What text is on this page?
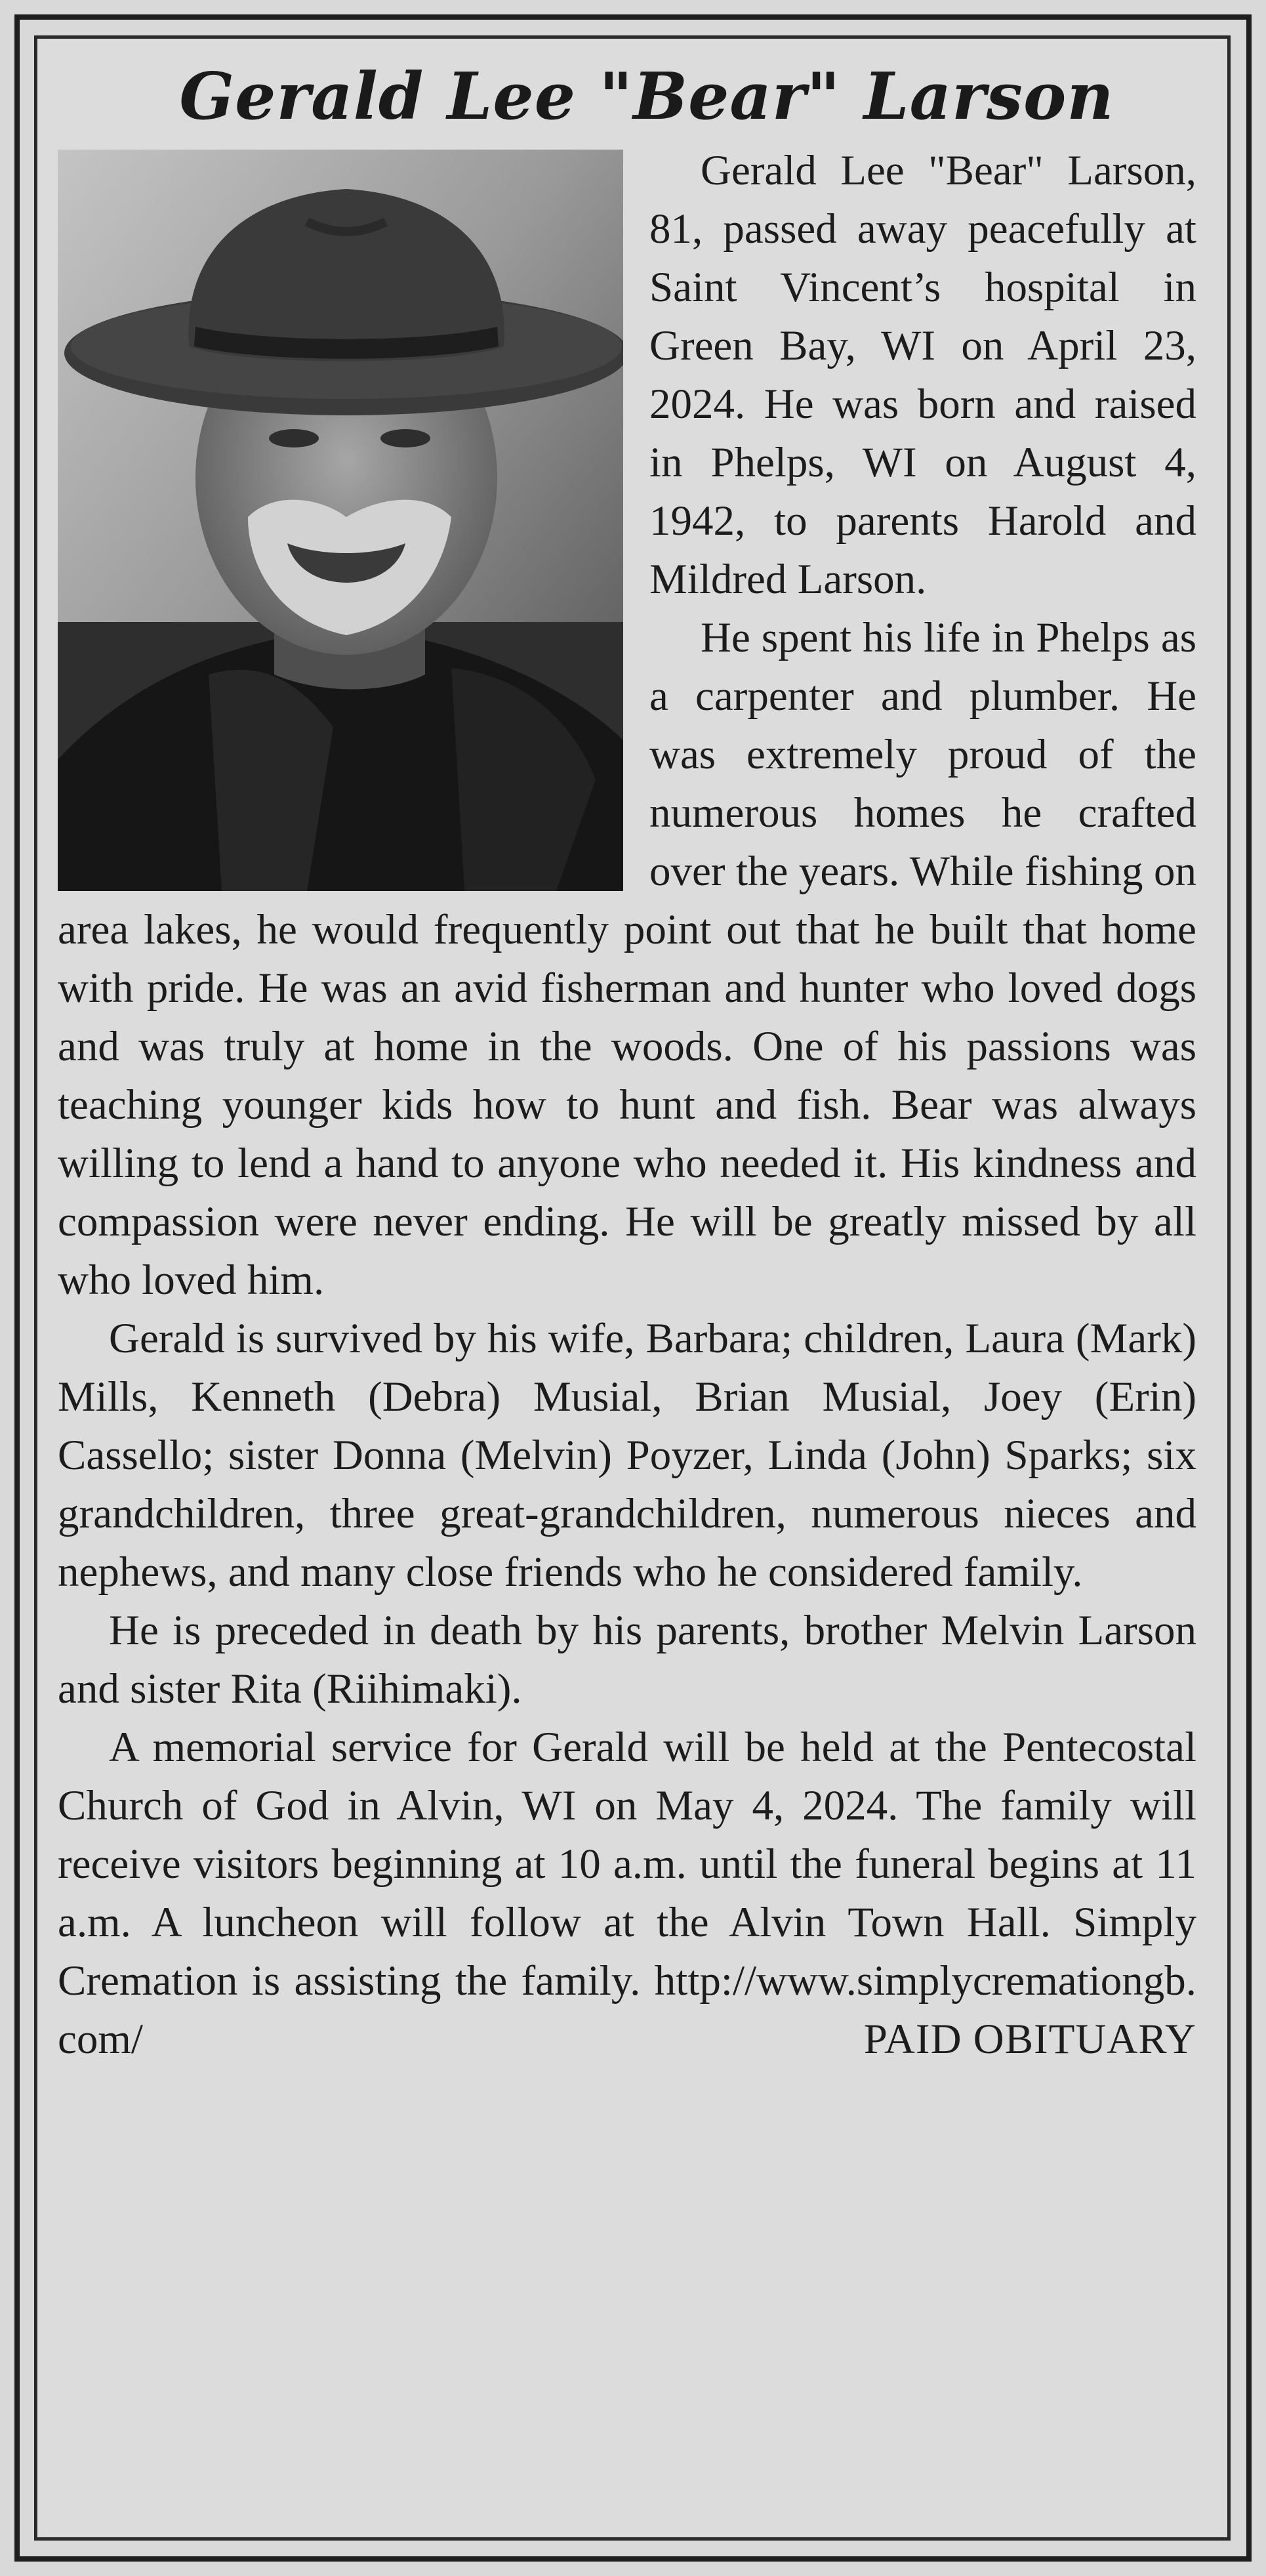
Gerald Lee "Bear" Larson

Gerald Lee "Bear" Larson, 81, passed away peacefully at Saint Vincent’s hospital in Green Bay, WI on April 23, 2024. He was born and raised in Phelps, WI on August 4, 1942, to parents Harold and Mildred Larson.

He spent his life in Phelps as a carpenter and plumber. He was extremely proud of the numerous homes he crafted over the years. While fishing on area lakes, he would frequently point out that he built that home with pride. He was an avid fisherman and hunter who loved dogs and was truly at home in the woods. One of his passions was teaching younger kids how to hunt and fish. Bear was always willing to lend a hand to anyone who needed it. His kindness and compassion were never ending. He will be greatly missed by all who loved him.

Gerald is survived by his wife, Barbara; children, Laura (Mark) Mills, Kenneth (Debra) Musial, Brian Musial, Joey (Erin) Cassello; sister Donna (Melvin) Poyzer, Linda (John) Sparks; six grandchildren, three great-grandchildren, numerous nieces and nephews, and many close friends who he considered family.

He is preceded in death by his parents, brother Melvin Larson and sister Rita (Riihimaki).

A memorial service for Gerald will be held at the Pentecostal Church of God in Alvin, WI on May 4, 2024. The family will receive visitors beginning at 10 a.m. until the funeral begins at 11 a.m. A luncheon will follow at the Alvin Town Hall. Simply Cremation is assisting the family. http://www.simplycremationgb.com/	PAID OBITUARY
